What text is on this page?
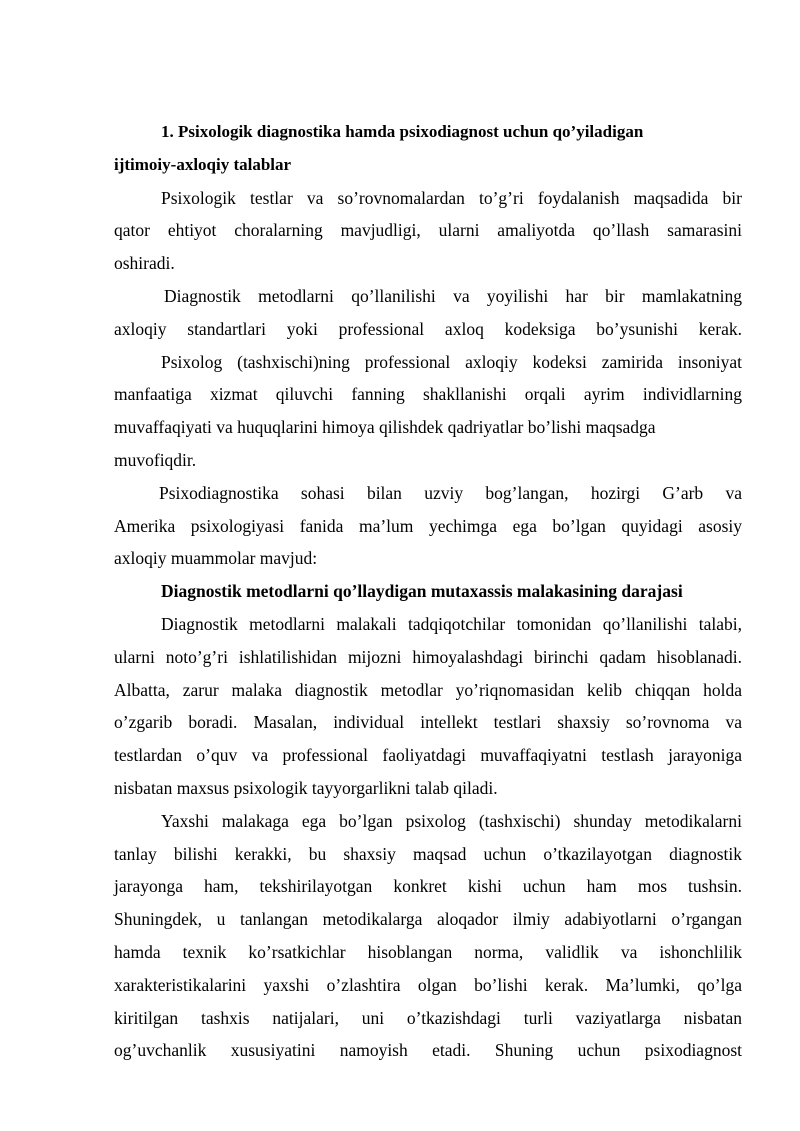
1. Psixologik diagnostika hamda psixodiagnost uchun qo’yiladigan
ijtimoiy-axloqiy talablar
Psixologik testlar va so’rovnomalardan to’g’ri foydalanish maqsadida bir
qator ehtiyot choralarning mavjudligi, ularni amaliyotda qo’llash samarasini
oshiradi.
Diagnostik metodlarni qo’llanilishi va yoyilishi har bir mamlakatning
axloqiy standartlari yoki professional axloq kodeksiga bo’ysunishi kerak.
Psixolog (tashxischi)ning professional axloqiy kodeksi zamirida insoniyat
manfaatiga xizmat qiluvchi fanning shakllanishi orqali ayrim individlarning
muvaffaqiyati va huquqlarini himoya qilishdek qadriyatlar bo’lishi maqsadga
muvofiqdir.
Psixodiagnostika sohasi bilan uzviy bog’langan, hozirgi G’arb va
Amerika psixologiyasi fanida ma’lum yechimga ega bo’lgan quyidagi asosiy
axloqiy muammolar mavjud:
Diagnostik metodlarni qo’llaydigan mutaxassis malakasining darajasi
Diagnostik metodlarni malakali tadqiqotchilar tomonidan qo’llanilishi talabi,
ularni noto’g’ri ishlatilishidan mijozni himoyalashdagi birinchi qadam hisoblanadi.
Albatta, zarur malaka diagnostik metodlar yo’riqnomasidan kelib chiqqan holda
o’zgarib boradi. Masalan, individual intellekt testlari shaxsiy so’rovnoma va
testlardan o’quv va professional faoliyatdagi muvaffaqiyatni testlash jarayoniga
nisbatan maxsus psixologik tayyorgarlikni talab qiladi.
Yaxshi malakaga ega bo’lgan psixolog (tashxischi) shunday metodikalarni
tanlay bilishi kerakki, bu shaxsiy maqsad uchun o’tkazilayotgan diagnostik
jarayonga ham, tekshirilayotgan konkret kishi uchun ham mos tushsin.
Shuningdek, u tanlangan metodikalarga aloqador ilmiy adabiyotlarni o’rgangan
hamda texnik ko’rsatkichlar hisoblangan norma, validlik va ishonchlilik
xarakteristikalarini yaxshi o’zlashtira olgan bo’lishi kerak. Ma’lumki, qo’lga
kiritilgan tashxis natijalari, uni o’tkazishdagi turli vaziyatlarga nisbatan
og’uvchanlik xususiyatini namoyish etadi. Shuning uchun psixodiagnost
